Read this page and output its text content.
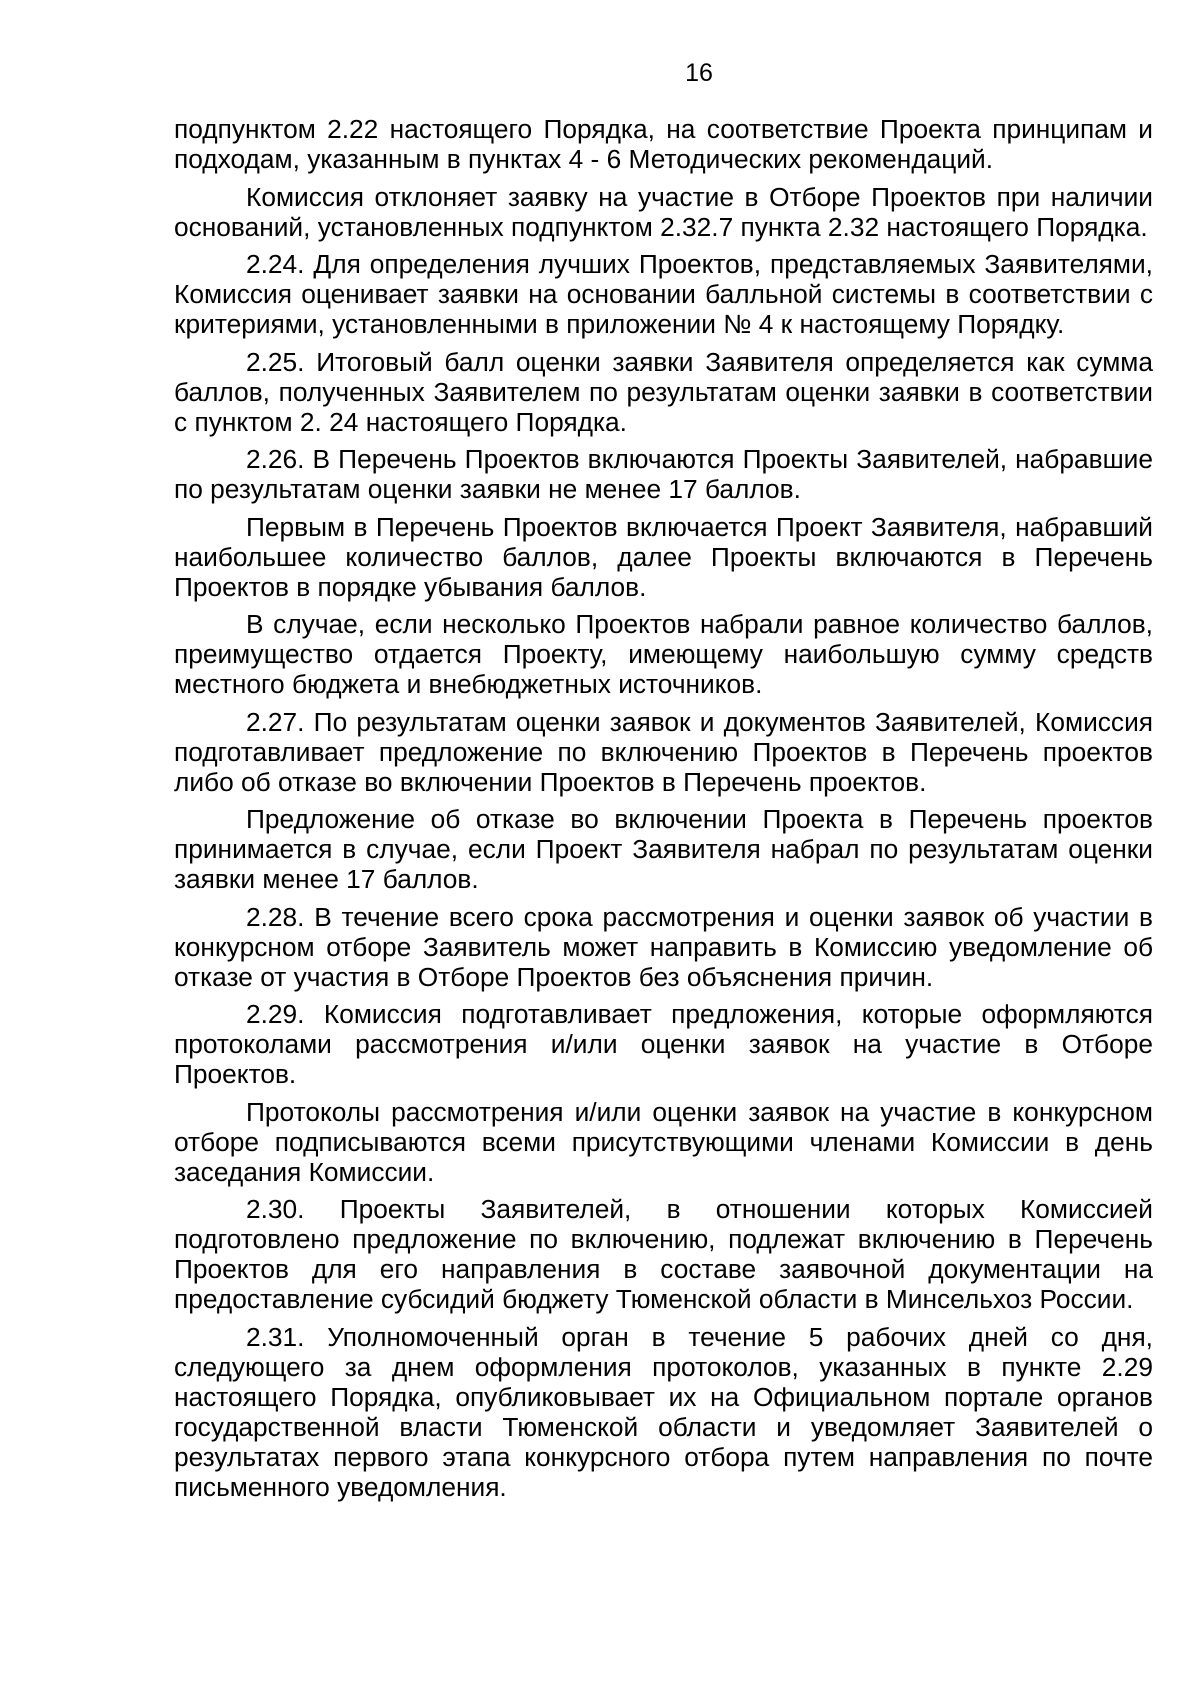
16

подпунктом 2.22 настоящего Порядка, на соответствие Проекта принципам и подходам, указанным в пунктах 4 - 6 Методических рекомендаций.

Комиссия отклоняет заявку на участие в Отборе Проектов при наличии оснований, установленных подпунктом 2.32.7 пункта 2.32 настоящего Порядка.

2.24. Для определения лучших Проектов, представляемых Заявителями, Комиссия оценивает заявки на основании балльной системы в соответствии с критериями, установленными в приложении № 4 к настоящему Порядку.

2.25. Итоговый балл оценки заявки Заявителя определяется как сумма баллов, полученных Заявителем по результатам оценки заявки в соответствии с пунктом 2. 24 настоящего Порядка.

2.26. В Перечень Проектов включаются Проекты Заявителей, набравшие по результатам оценки заявки не менее 17 баллов.

Первым в Перечень Проектов включается Проект Заявителя, набравший наибольшее количество баллов, далее Проекты включаются в Перечень Проектов в порядке убывания баллов.

В случае, если несколько Проектов набрали равное количество баллов, преимущество отдается Проекту, имеющему наибольшую сумму средств местного бюджета и внебюджетных источников.

2.27. По результатам оценки заявок и документов Заявителей, Комиссия подготавливает предложение по включению Проектов в Перечень проектов либо об отказе во включении Проектов в Перечень проектов.

Предложение об отказе во включении Проекта в Перечень проектов принимается в случае, если Проект Заявителя набрал по результатам оценки заявки менее 17 баллов.

2.28. В течение всего срока рассмотрения и оценки заявок об участии в конкурсном отборе Заявитель может направить в Комиссию уведомление об отказе от участия в Отборе Проектов без объяснения причин.

2.29. Комиссия подготавливает предложения, которые оформляются протоколами рассмотрения и/или оценки заявок на участие в Отборе Проектов.

Протоколы рассмотрения и/или оценки заявок на участие в конкурсном отборе подписываются всеми присутствующими членами Комиссии в день заседания Комиссии.

2.30. Проекты Заявителей, в отношении которых Комиссией подготовлено предложение по включению, подлежат включению в Перечень Проектов для его направления в составе заявочной документации на предоставление субсидий бюджету Тюменской области в Минсельхоз России.

2.31. Уполномоченный орган в течение 5 рабочих дней со дня, следующего за днем оформления протоколов, указанных в пункте 2.29 настоящего Порядка, опубликовывает их на Официальном портале органов государственной власти Тюменской области и уведомляет Заявителей о результатах первого этапа конкурсного отбора путем направления по почте письменного уведомления.
